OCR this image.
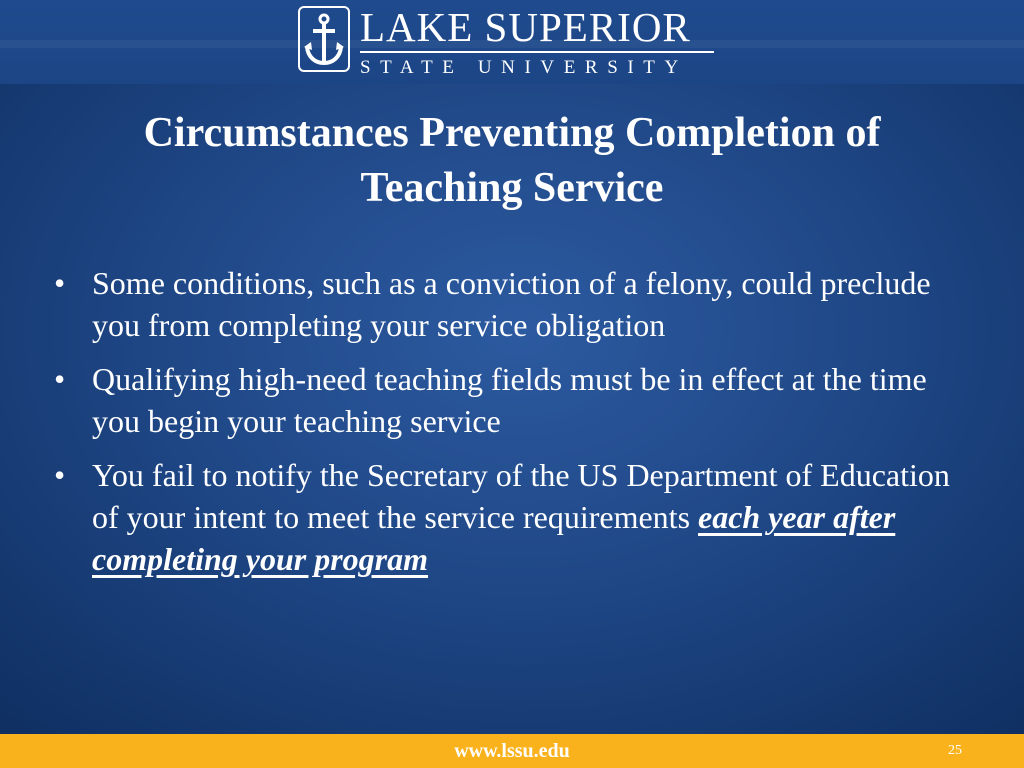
LAKE SUPERIOR
STATE UNIVERSITY
Circumstances Preventing Completion of
Teaching Service
• Some conditions, such as a conviction of a felony, could preclude you from completing your service obligation
• Qualifying high-need teaching fields must be in effect at the time you begin your teaching service
• You fail to notify the Secretary of the US Department of Education of your intent to meet the service requirements each year after completing your program
www.lssu.edu	25
